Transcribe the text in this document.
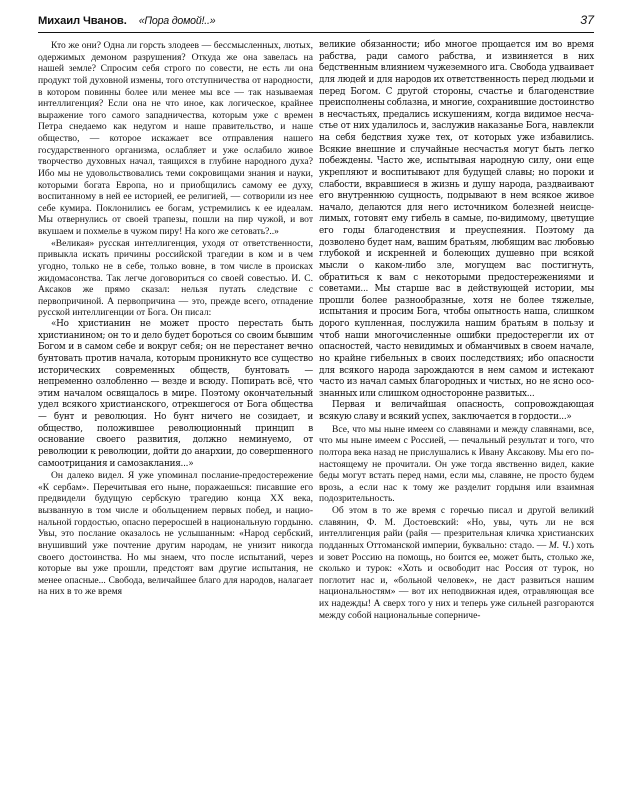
Михаил Чванов. «Пора домой!..»	37

Кто же они? Одна ли горсть злодеев — бессмысленных, лютых, одержимых демоном разрушения? Откуда же она завелась на нашей земле? Спросим себя строго по совести, не есть ли она продукт той духовной измены, того отступничества от народности, в котором повинны более или менее мы все — так называемая интеллигенция? Если она не что иное, как логическое, крайнее выражение того самого западничества, которым уже с времен Петра снедаемо как недугом и наше правительство, и наше общество, — которое искажает все отправления нашего государственного организма, ослабляет и уже ослабило живое творчество духовных начал, таящихся в глубине народного духа? Ибо мы не удовольствовались теми сокровищами знания и науки, которыми богата Европа, но и приобщились самому ее духу, воспитанному в ней ее историей, ее религией, — сотворили из нее себе кумира. Поклонились ее богам, устремились к ее идеалам. Мы отвернулись от своей трапезы, пошли на пир чужой, и вот вкушаем и похмелье в чужом пиру! На кого же сетовать?..»

«Великая» русская интеллигенция, уходя от ответственности, привыкла искать причины российской трагедии в ком и в чем угодно, только не в себе, только вовне, в том числе в происках жидомасонства. Так легче договориться со своей совестью. И. С. Аксаков же прямо сказал: нельзя путать следствие с первопричиной. А первопричина — это, прежде всего, отпадение русской интеллигенции от Бога. Он писал:

«Но христианин не может просто перестать быть христианином; он то и дело будет бороться со своим бывшим Богом и в самом себе и вокруг себя; он не перестанет вечно бунтовать против начала, которым проникнуто все существо исторических современных обществ, бунтовать — непременно озлобленно — везде и всюду. Попирать всё, что этим началом освящалось в мире. Поэтому окончательный удел всякого христианского, отрекшегося от Бога общества — бунт и революция. Но бунт ничего не созидает, и общество, положившее революционный принцип в основание своего развития, должно неминуемо, от революции к революции, дойти до анархии, до совершенного самоотрицания и самозаклания...»

Он далеко видел. Я уже упоминал послание-предостережение «К сербам». Перечитывая его ныне, поражаешься: писавшие его предвидели будущую сербскую трагедию конца XX века, вызванную в том числе и обольщением первых побед, и национальной гордостью, опасно переросшей в национальную гордыню. Увы, это послание оказалось не услышанным: «Народ сербский, внушивший уже почтение другим народам, не унизит никогда своего достоинства. Но мы знаем, что после испытаний, через которые вы уже прошли, предстоят вам другие испытания, не менее опасные... Свобода, величайшее благо для народов, налагает на них в то же время

великие обязанности; ибо многое прощается им во время рабства, ради самого рабства, и извиняется в них бедственным влиянием чужеземного ига. Свобода удваивает для людей и для народов их ответственность перед людьми и перед Богом. С другой стороны, счастье и благоденствие преисполнены соблазна, и многие, сохранившие достоинство в несчастьях, предались искушениям, когда видимое несчастье от них удалилось и, заслужив наказанье Бога, навлекли на себя бедствия хуже тех, от которых уже избавились. Всякие внешние и случайные несчастья могут быть легко побеждены. Часто же, испытывая народную силу, они еще укрепляют и воспитывают для будущей славы; но пороки и слабости, вкравшиеся в жизнь и душу народа, раздваивают его внутреннюю сущность, подрывают в нем всякое живое начало, делаются для него источником болезней неисцелимых, готовят ему гибель в самые, по-видимому, цветущие его годы благоденствия и преуспеяния. Поэтому да дозволено будет нам, вашим братьям, любящим вас любовью глубокой и искренней и болеющих душевно при всякой мысли о каком-либо зле, могущем вас постигнуть, обратиться к вам с некоторыми предостережениями и советами... Мы старше вас в действующей истории, мы прошли более разнообразные, хотя не более тяжелые, испытания и просим Бога, чтобы опытность наша, слишком дорого купленная, послужила нашим братьям в пользу и чтоб наши многочисленные ошибки предостерегли их от опасностей, часто невидимых и обманчивых в своем начале, но крайне гибельных в своих последствиях; ибо опасности для всякого народа зарождаются в нем самом и истекают часто из начал самых благородных и чистых, но не ясно осознанных или слишком односторонне развитых...

Первая и величайшая опасность, сопровождающая всякую славу и всякий успех, заключается в гордости...»

Все, что мы ныне имеем со славянами и между славянами, все, что мы ныне имеем с Россией, — печальный результат и того, что полтора века назад не прислушались к Ивану Аксакову. Мы его по-настоящему не прочитали. Он уже тогда явственно видел, какие беды могут встать перед нами, если мы, славяне, не просто будем врозь, а если нас к тому же разделит гордыня или взаимная подозрительность.

Об этом в то же время с горечью писал и другой великий славянин, Ф. М. Достоевский: «Но, увы, чуть ли не вся интеллигенция райи (райя — презрительная кличка христианских подданных Оттоманской империи, буквально: стадо. — М. Ч.) хоть и зовет Россию на помощь, но боится ее, может быть, столько же, сколько и турок: «Хоть и освободит нас Россия от турок, но поглотит нас и, «больной человек», не даст развиться нашим национальностям» — вот их неподвижная идея, отравляющая все их надежды! А сверх того у них и теперь уже сильней разгораются между собой национальные соперниче-
